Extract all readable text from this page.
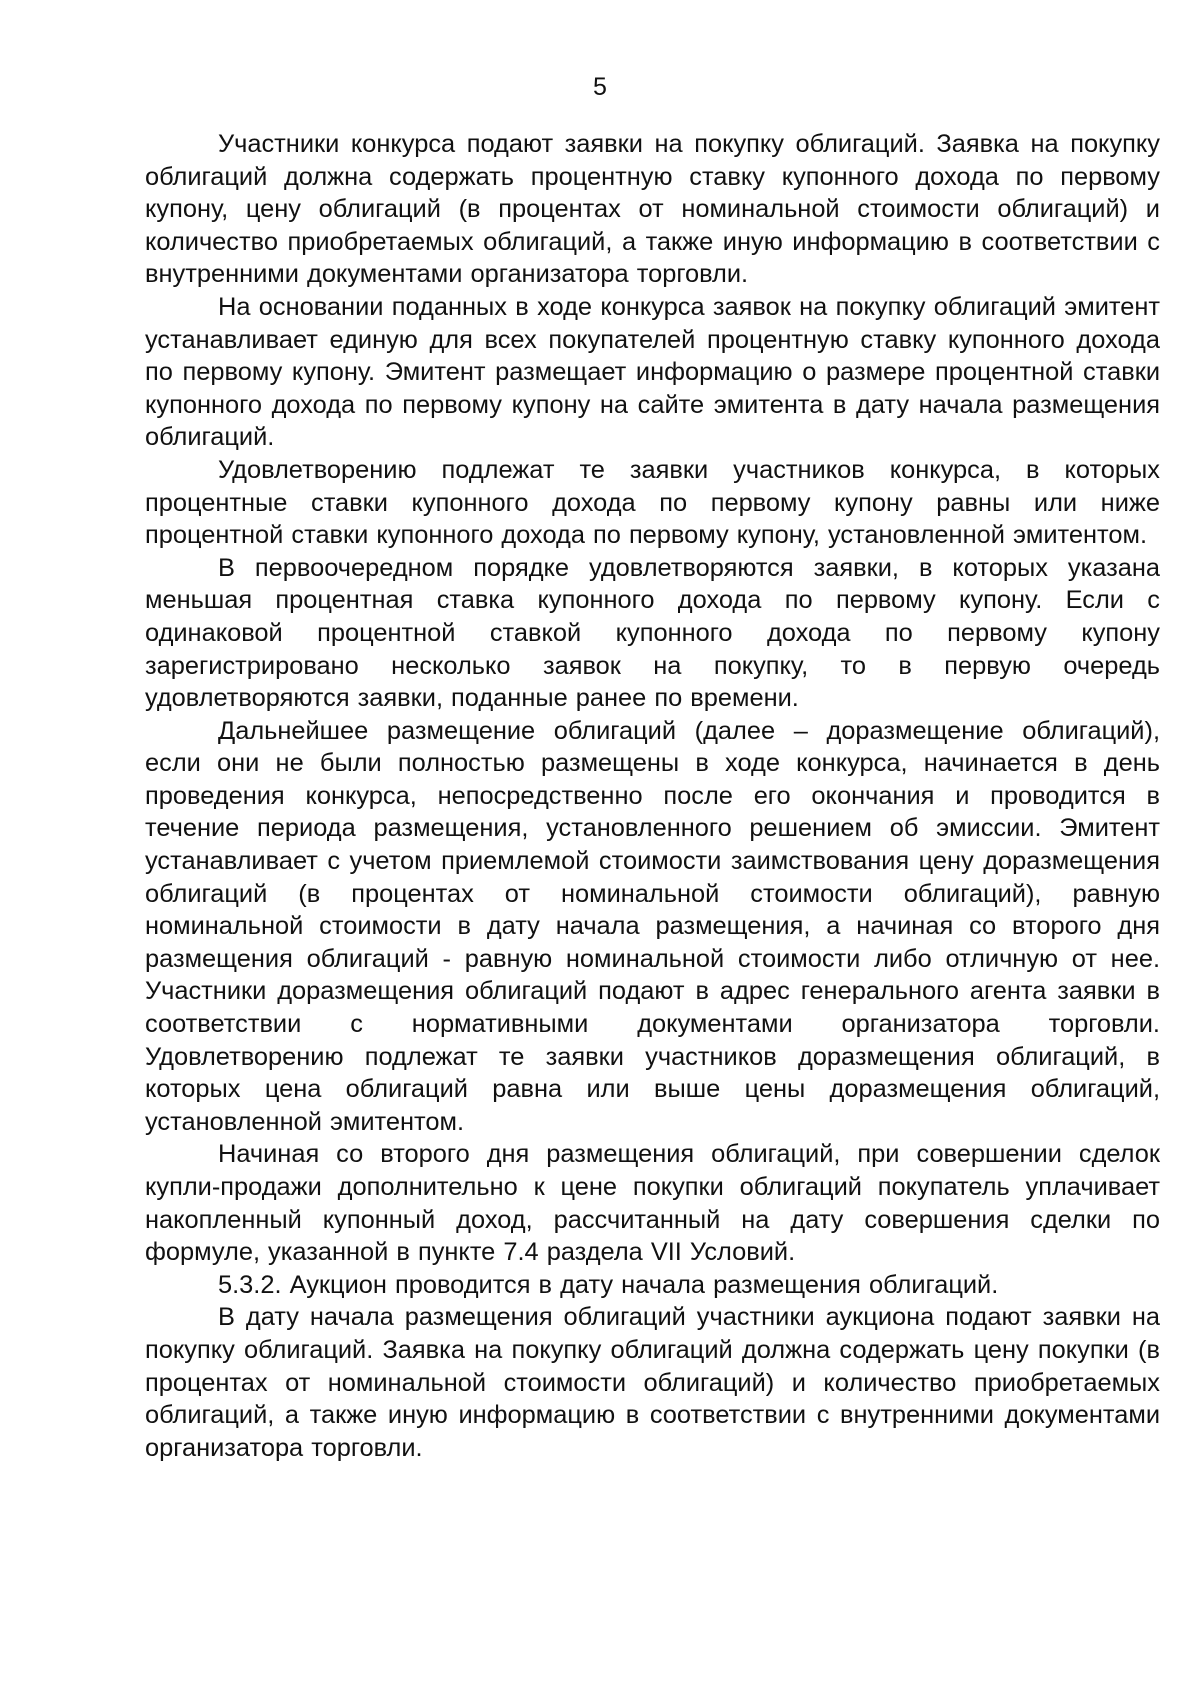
5

Участники конкурса подают заявки на покупку облигаций. Заявка на покупку облигаций должна содержать процентную ставку купонного дохода по первому купону, цену облигаций (в процентах от номинальной стоимости облигаций) и количество приобретаемых облигаций, а также иную информацию в соответствии с внутренними документами организатора торговли.

На основании поданных в ходе конкурса заявок на покупку облигаций эмитент устанавливает единую для всех покупателей процентную ставку купонного дохода по первому купону. Эмитент размещает информацию о размере процентной ставки купонного дохода по первому купону на сайте эмитента в дату начала размещения облигаций.

Удовлетворению подлежат те заявки участников конкурса, в которых процентные ставки купонного дохода по первому купону равны или ниже процентной ставки купонного дохода по первому купону, установленной эмитентом.

В первоочередном порядке удовлетворяются заявки, в которых указана меньшая процентная ставка купонного дохода по первому купону. Если с одинаковой процентной ставкой купонного дохода по первому купону зарегистрировано несколько заявок на покупку, то в первую очередь удовлетворяются заявки, поданные ранее по времени.

Дальнейшее размещение облигаций (далее – доразмещение облигаций), если они не были полностью размещены в ходе конкурса, начинается в день проведения конкурса, непосредственно после его окончания и проводится в течение периода размещения, установленного решением об эмиссии. Эмитент устанавливает с учетом приемлемой стоимости заимствования цену доразмещения облигаций (в процентах от номинальной стоимости облигаций), равную номинальной стоимости в дату начала размещения, а начиная со второго дня размещения облигаций - равную номинальной стоимости либо отличную от нее. Участники доразмещения облигаций подают в адрес генерального агента заявки в соответствии с нормативными документами организатора торговли. Удовлетворению подлежат те заявки участников доразмещения облигаций, в которых цена облигаций равна или выше цены доразмещения облигаций, установленной эмитентом.

Начиная со второго дня размещения облигаций, при совершении сделок купли-продажи дополнительно к цене покупки облигаций покупатель уплачивает накопленный купонный доход, рассчитанный на дату совершения сделки по формуле, указанной в пункте 7.4 раздела VII Условий.

5.3.2. Аукцион проводится в дату начала размещения облигаций.

В дату начала размещения облигаций участники аукциона подают заявки на покупку облигаций. Заявка на покупку облигаций должна содержать цену покупки (в процентах от номинальной стоимости облигаций) и количество приобретаемых облигаций, а также иную информацию в соответствии с внутренними документами организатора торговли.
